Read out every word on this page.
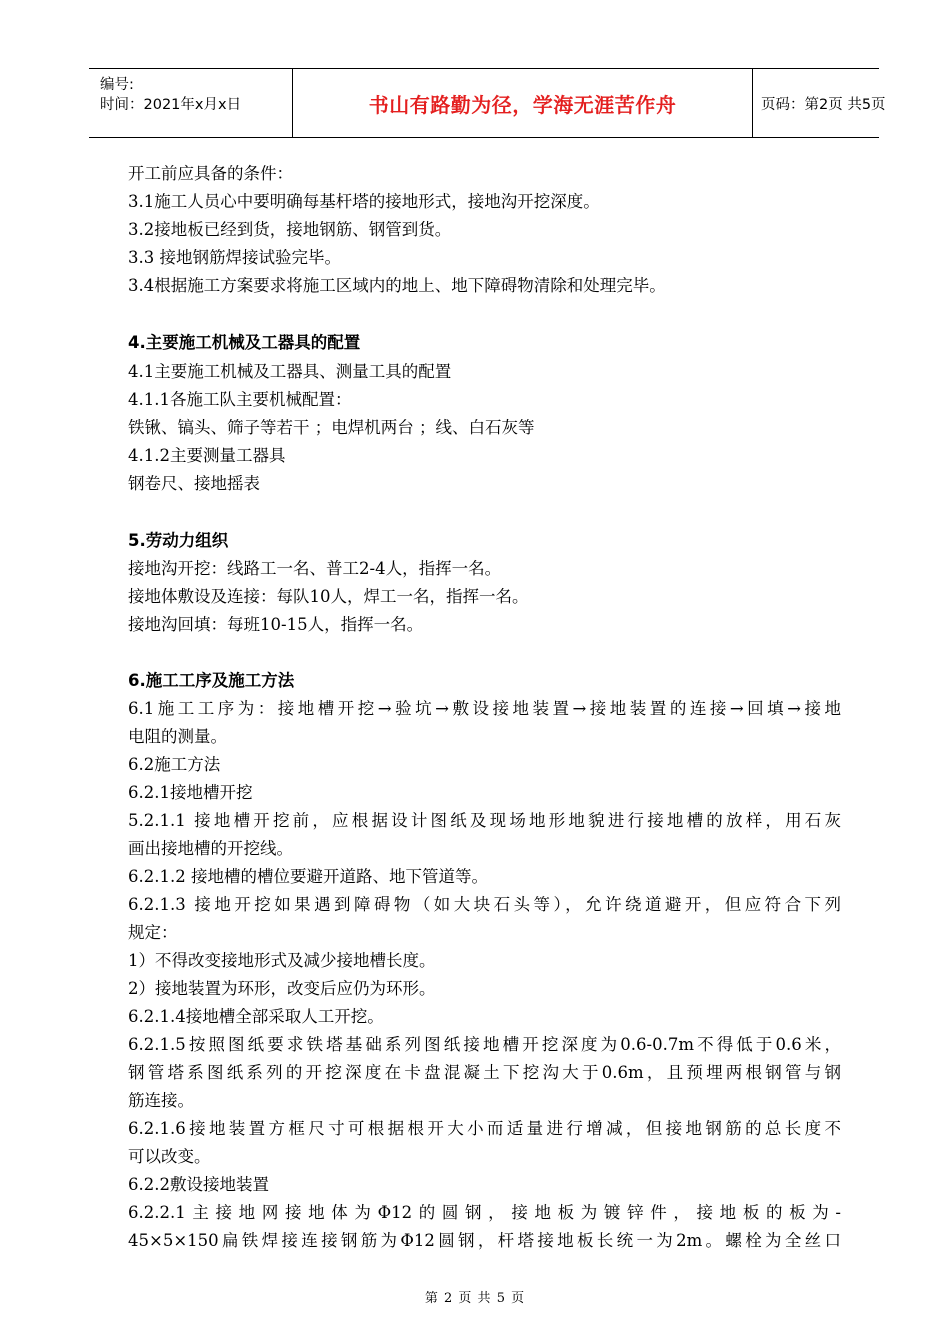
编号:
时间：2021年x月x日	书山有路勤为径，学海无涯苦作舟	页码：第2页 共5页
开工前应具备的条件：
3.1施工人员心中要明确每基杆塔的接地形式，接地沟开挖深度。
3.2接地板已经到货，接地钢筋、钢管到货。
3.3 接地钢筋焊接试验完毕。
3.4根据施工方案要求将施工区域内的地上、地下障碍物清除和处理完毕。
4.主要施工机械及工器具的配置
4.1主要施工机械及工器具、测量工具的配置
4.1.1各施工队主要机械配置：
铁锹、镐头、筛子等若干 ；电焊机两台 ；线、白石灰等
4.1.2主要测量工器具
钢卷尺、接地摇表
5.劳动力组织
接地沟开挖：线路工一名、普工2-4人，指挥一名。
接地体敷设及连接：每队10人，焊工一名，指挥一名。
接地沟回填：每班10-15人，指挥一名。
6.施工工序及施工方法
6.1施工工序为：接地槽开挖→验坑→敷设接地装置→接地装置的连接→回填→接地
电阻的测量。
6.2施工方法
6.2.1接地槽开挖
5.2.1.1 接地槽开挖前，应根据设计图纸及现场地形地貌进行接地槽的放样，用石灰
画出接地槽的开挖线。
6.2.1.2 接地槽的槽位要避开道路、地下管道等。
6.2.1.3 接地开挖如果遇到障碍物（如大块石头等），允许绕道避开，但应符合下列
规定：
1）不得改变接地形式及减少接地槽长度。
2）接地装置为环形，改变后应仍为环形。
6.2.1.4接地槽全部采取人工开挖。
6.2.1.5按照图纸要求铁塔基础系列图纸接地槽开挖深度为0.6-0.7m不得低于0.6米，
钢管塔系图纸系列的开挖深度在卡盘混凝土下挖沟大于0.6m，且预埋两根钢管与钢
筋连接。
6.2.1.6接地装置方框尺寸可根据根开大小而适量进行增减，但接地钢筋的总长度不
可以改变。
6.2.2敷设接地装置
6.2.2.1主接地网接地体为Φ12的圆钢，接地板为镀锌件，接地板的板为-
45×5×150扁铁焊接连接钢筋为Φ12圆钢，杆塔接地板长统一为2m。螺栓为全丝口
第 2 页 共 5 页
